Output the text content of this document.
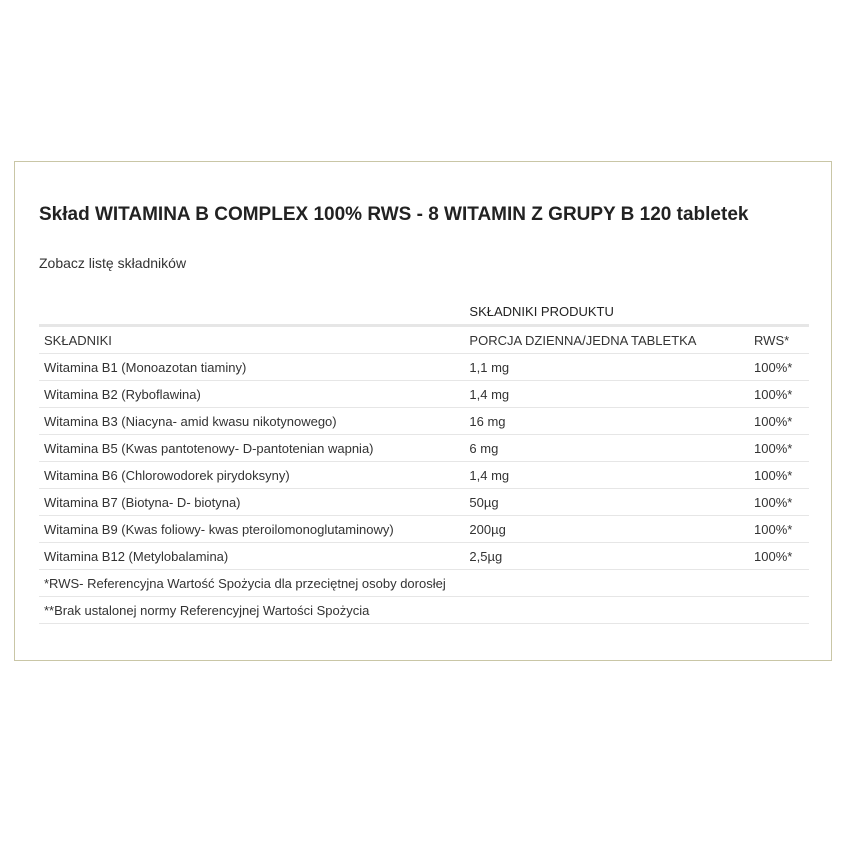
Skład WITAMINA B COMPLEX 100% RWS - 8 WITAMIN Z GRUPY B 120 tabletek
Zobacz listę składników
	SKŁADNIKI PRODUKTU	
SKŁADNIKI	PORCJA DZIENNA/JEDNA TABLETKA	RWS*
Witamina B1 (Monoazotan tiaminy)	1,1 mg	100%*
Witamina B2 (Ryboflawina)	1,4 mg	100%*
Witamina B3 (Niacyna- amid kwasu nikotynowego)	16 mg	100%*
Witamina B5 (Kwas pantotenowy- D-pantotenian wapnia)	6 mg	100%*
Witamina B6 (Chlorowodorek pirydoksyny)	1,4 mg	100%*
Witamina B7 (Biotyna- D- biotyna)	50µg	100%*
Witamina B9 (Kwas foliowy- kwas pteroilomonoglutaminowy)	200µg	100%*
Witamina B12 (Metylobalamina)	2,5µg	100%*
*RWS- Referencyjna Wartość Spożycia dla przeciętnej osoby dorosłej		
**Brak ustalonej normy Referencyjnej Wartości Spożycia		
